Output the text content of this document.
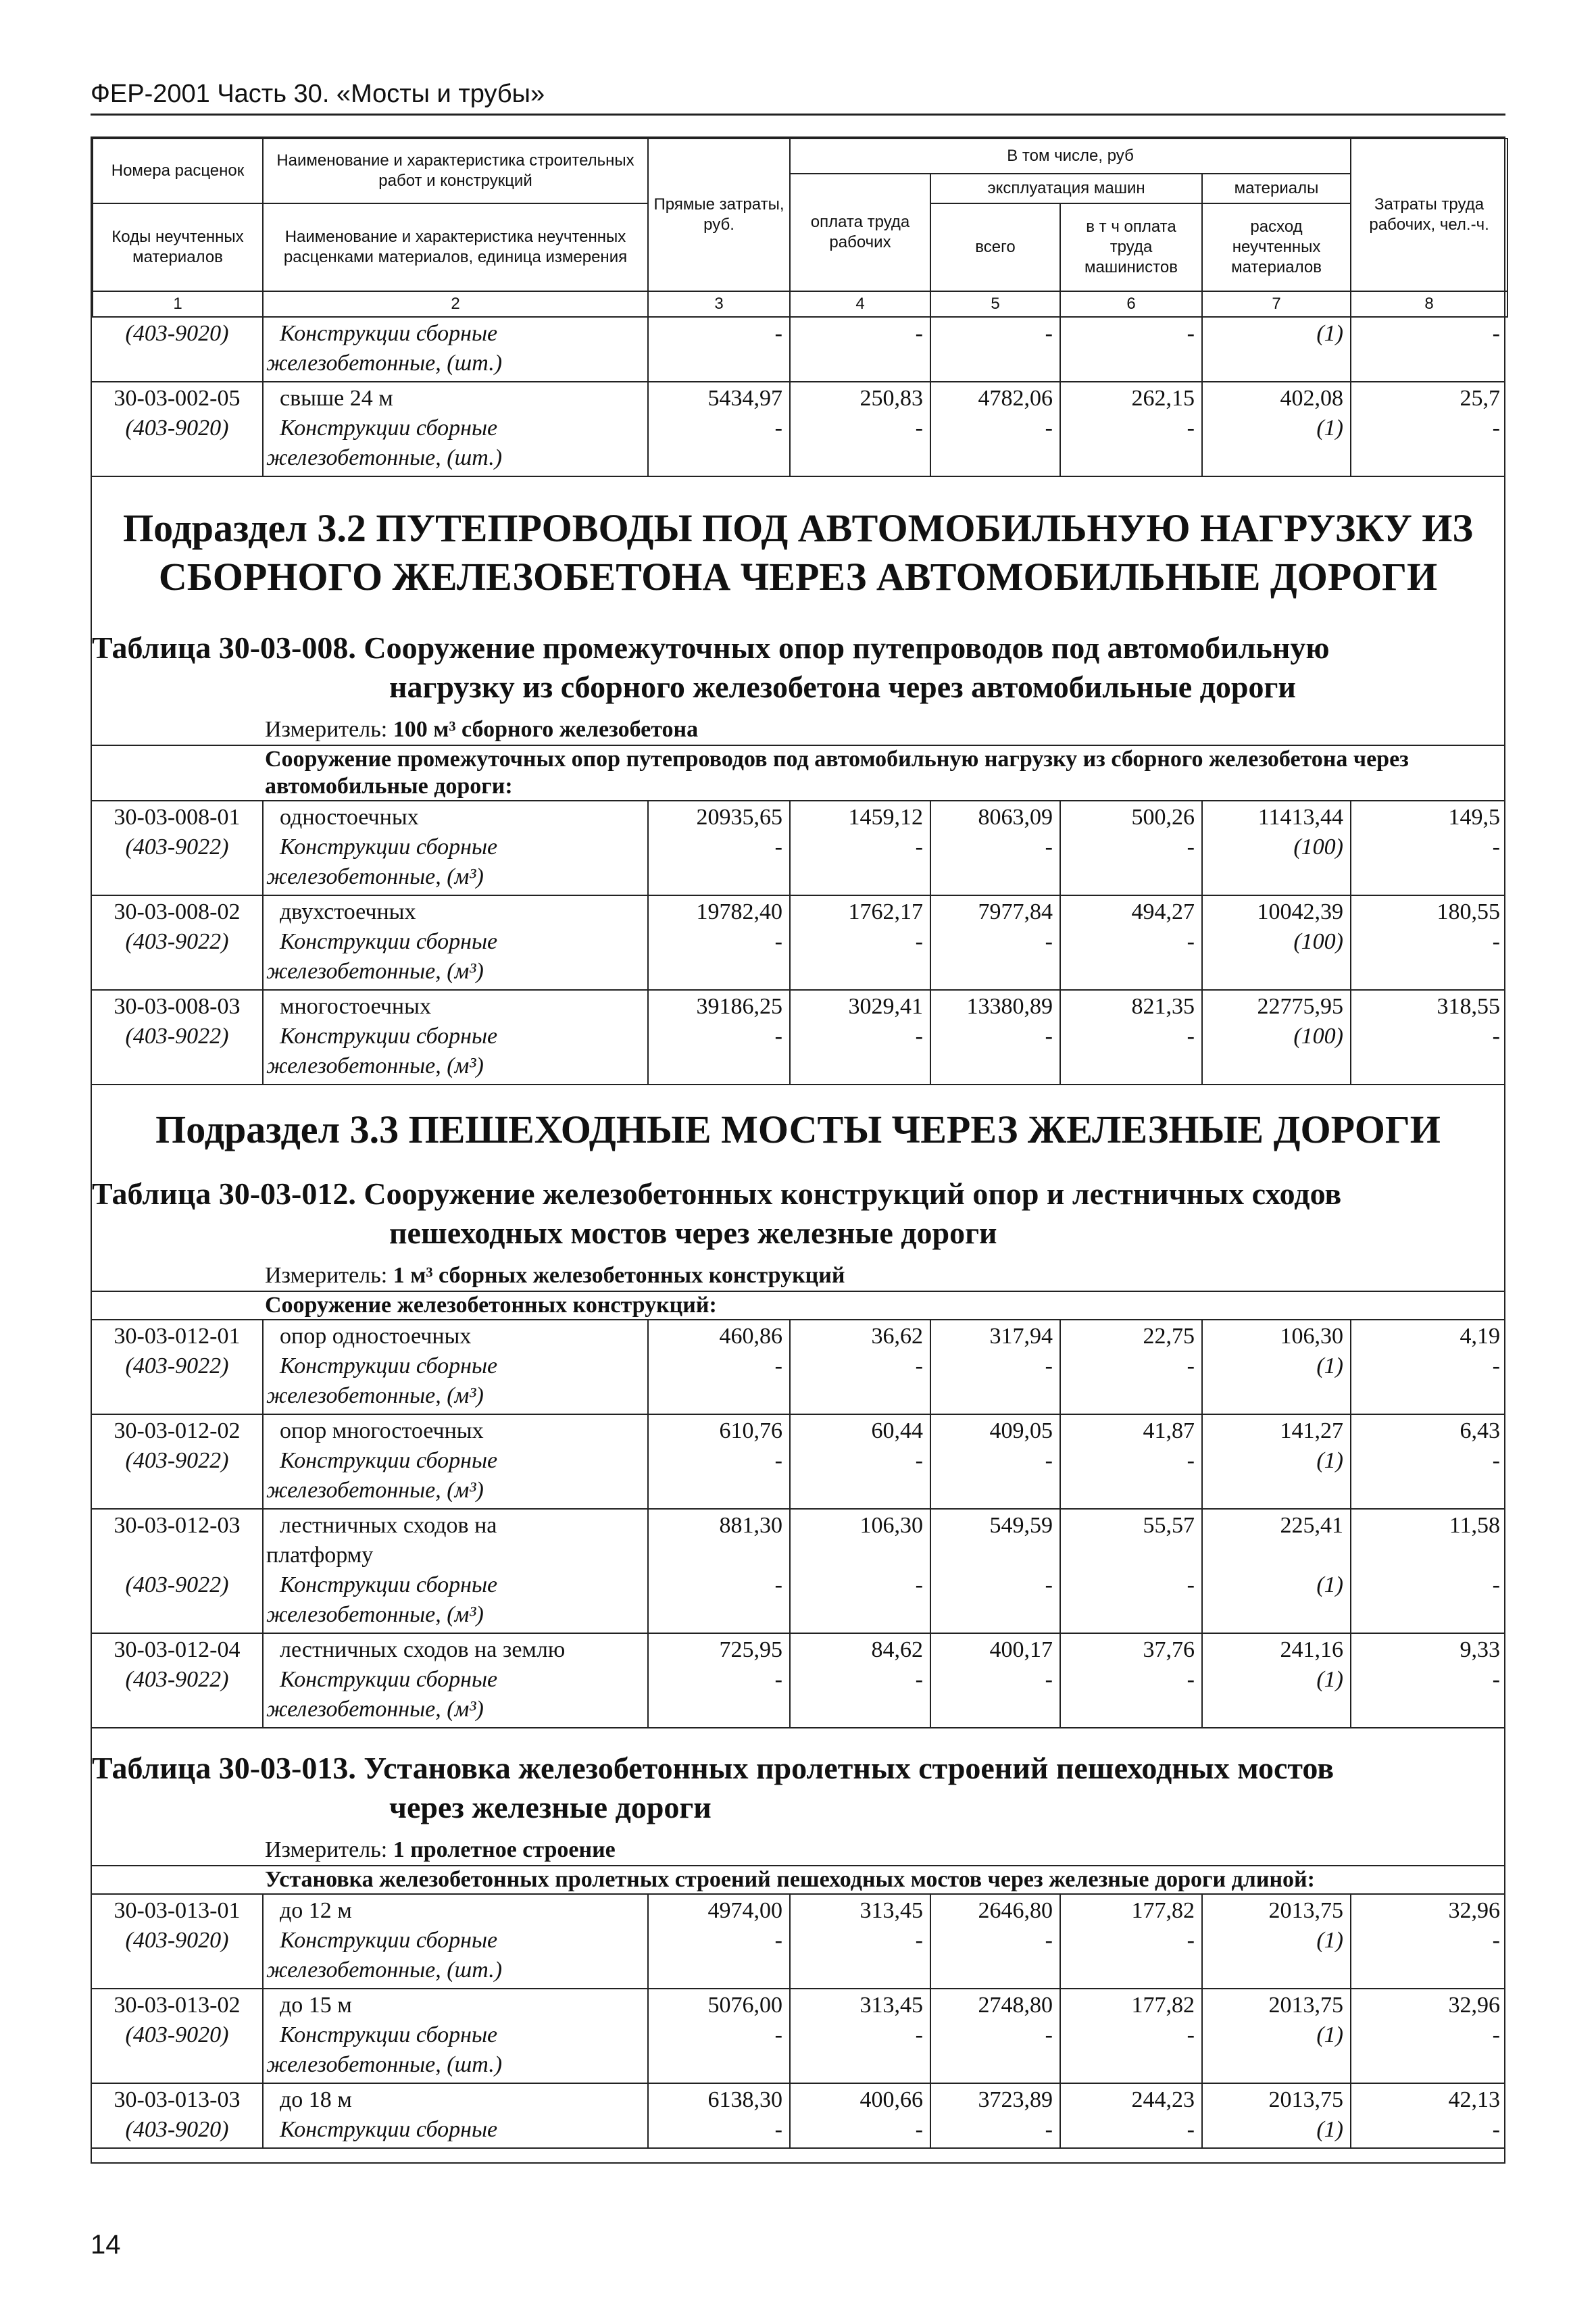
ФЕР-2001 Часть 30. «Мосты и трубы»
Номера расценок	Наименование и характеристика строительных работ и конструкций	Прямые затраты, руб.	В том числе, руб				Затраты труда рабочих, чел.-ч.
			оплата труда рабочих	эксплуатация машин		материалы	
Коды неучтенных материалов	Наименование и характеристика неучтенных расценками материалов, единица измерения			всего	в т ч оплата труда машинистов	расход неучтенных материалов	

1	2	3	4	5	6	7	8
(403-9020)	Конструкции сборные	-	-	-	-	(1)	-
железобетонные, (шт.)
30-03-002-05	свыше 24 м	5434,97	250,83	4782,06	262,15	402,08	25,7
(403-9020)	Конструкции сборные	-	-	-	-	(1)	-
железобетонные, (шт.)
Подраздел 3.2 ПУТЕПРОВОДЫ ПОД АВТОМОБИЛЬНУЮ НАГРУЗКУ ИЗ СБОРНОГО ЖЕЛЕЗОБЕТОНА ЧЕРЕЗ АВТОМОБИЛЬНЫЕ ДОРОГИ
Таблица 30-03-008. Сооружение промежуточных опор путепроводов под автомобильную
нагрузку из сборного железобетона через автомобильные дороги
Измеритель: 100 м³ сборного железобетона
Сооружение промежуточных опор путепроводов под автомобильную нагрузку из сборного железобетона через автомобильные дороги:
30-03-008-01	одностоечных	20935,65	1459,12	8063,09	500,26	11413,44	149,5
(403-9022)	Конструкции сборные	-	-	-	-	(100)	-
железобетонные, (м³)
30-03-008-02	двухстоечных	19782,40	1762,17	7977,84	494,27	10042,39	180,55
(403-9022)	Конструкции сборные	-	-	-	-	(100)	-
железобетонные, (м³)
30-03-008-03	многостоечных	39186,25	3029,41	13380,89	821,35	22775,95	318,55
(403-9022)	Конструкции сборные	-	-	-	-	(100)	-
железобетонные, (м³)
Подраздел 3.3 ПЕШЕХОДНЫЕ МОСТЫ ЧЕРЕЗ ЖЕЛЕЗНЫЕ ДОРОГИ
Таблица 30-03-012. Сооружение железобетонных конструкций опор и лестничных сходов
пешеходных мостов через железные дороги
Измеритель: 1 м³ сборных железобетонных конструкций
Сооружение железобетонных конструкций:
30-03-012-01	опор одностоечных	460,86	36,62	317,94	22,75	106,30	4,19
(403-9022)	Конструкции сборные	-	-	-	-	(1)	-
железобетонные, (м³)
30-03-012-02	опор многостоечных	610,76	60,44	409,05	41,87	141,27	6,43
(403-9022)	Конструкции сборные	-	-	-	-	(1)	-
железобетонные, (м³)
30-03-012-03	лестничных сходов на	881,30	106,30	549,59	55,57	225,41	11,58
платформу
(403-9022)	Конструкции сборные	-	-	-	-	(1)	-
железобетонные, (м³)
30-03-012-04	лестничных сходов на землю	725,95	84,62	400,17	37,76	241,16	9,33
(403-9022)	Конструкции сборные	-	-	-	-	(1)	-
железобетонные, (м³)
Таблица 30-03-013. Установка железобетонных пролетных строений пешеходных мостов
через железные дороги
Измеритель: 1 пролетное строение
Установка железобетонных пролетных строений пешеходных мостов через железные дороги длиной:
30-03-013-01	до 12 м	4974,00	313,45	2646,80	177,82	2013,75	32,96
(403-9020)	Конструкции сборные	-	-	-	-	(1)	-
железобетонные, (шт.)
30-03-013-02	до 15 м	5076,00	313,45	2748,80	177,82	2013,75	32,96
(403-9020)	Конструкции сборные	-	-	-	-	(1)	-
железобетонные, (шт.)
30-03-013-03	до 18 м	6138,30	400,66	3723,89	244,23	2013,75	42,13
(403-9020)	Конструкции сборные	-	-	-	-	(1)	-
14
